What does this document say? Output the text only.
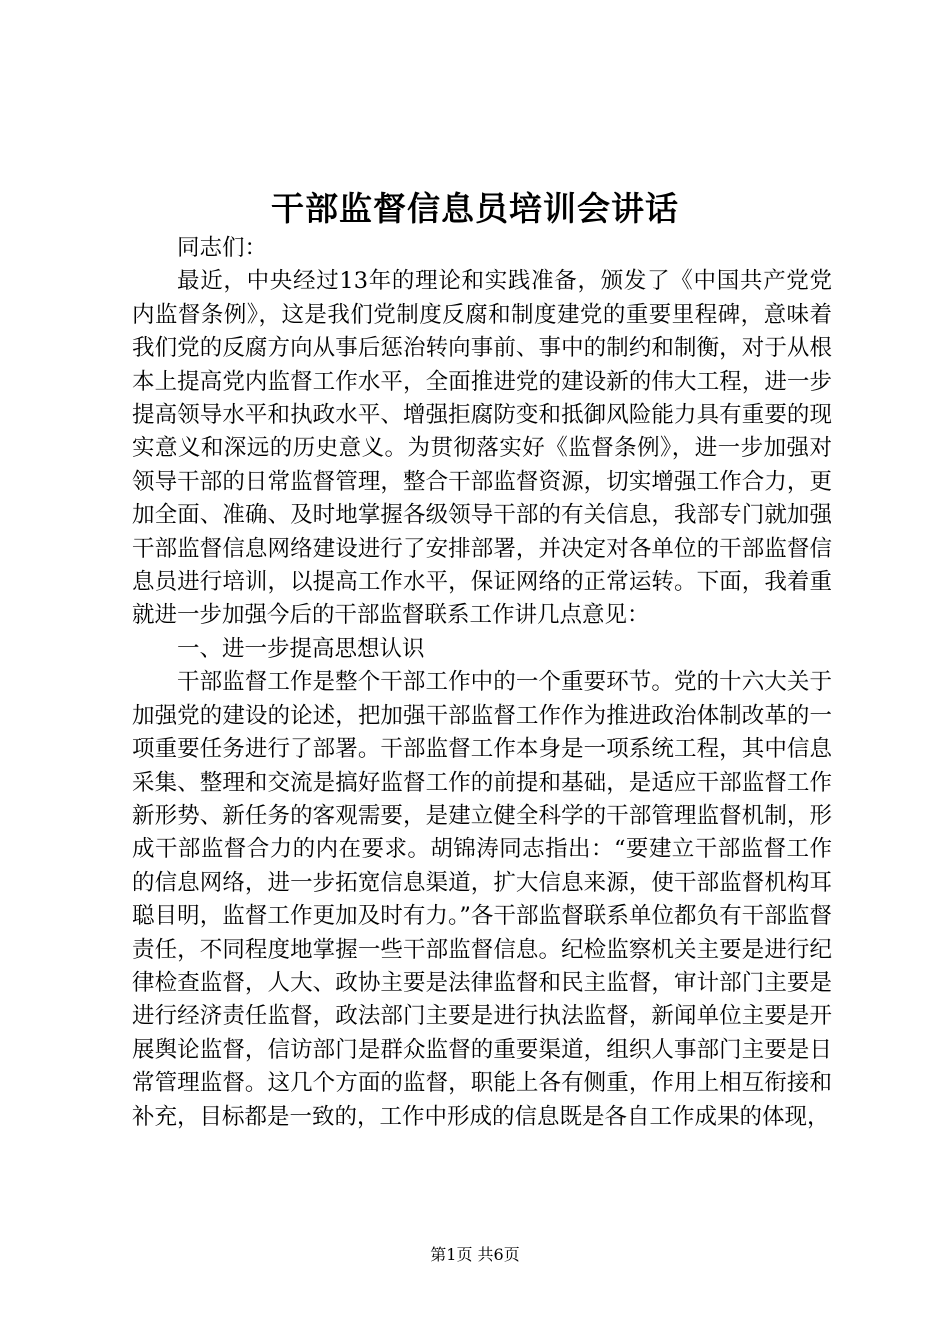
干部监督信息员培训会讲话

同志们：

最近，中央经过13年的理论和实践准备，颁发了《中国共产党党内监督条例》，这是我们党制度反腐和制度建党的重要里程碑，意味着我们党的反腐方向从事后惩治转向事前、事中的制约和制衡，对于从根本上提高党内监督工作水平，全面推进党的建设新的伟大工程，进一步提高领导水平和执政水平、增强拒腐防变和抵御风险能力具有重要的现实意义和深远的历史意义。为贯彻落实好《监督条例》，进一步加强对领导干部的日常监督管理，整合干部监督资源，切实增强工作合力，更加全面、准确、及时地掌握各级领导干部的有关信息，我部专门就加强干部监督信息网络建设进行了安排部署，并决定对各单位的干部监督信息员进行培训，以提高工作水平，保证网络的正常运转。下面，我着重就进一步加强今后的干部监督联系工作讲几点意见：

一、进一步提高思想认识

干部监督工作是整个干部工作中的一个重要环节。党的十六大关于加强党的建设的论述，把加强干部监督工作作为推进政治体制改革的一项重要任务进行了部署。干部监督工作本身是一项系统工程，其中信息采集、整理和交流是搞好监督工作的前提和基础，是适应干部监督工作新形势、新任务的客观需要，是建立健全科学的干部管理监督机制，形成干部监督合力的内在要求。胡锦涛同志指出：“要建立干部监督工作的信息网络，进一步拓宽信息渠道，扩大信息来源，使干部监督机构耳聪目明，监督工作更加及时有力。”各干部监督联系单位都负有干部监督责任，不同程度地掌握一些干部监督信息。纪检监察机关主要是进行纪律检查监督，人大、政协主要是法律监督和民主监督，审计部门主要是进行经济责任监督，政法部门主要是进行执法监督，新闻单位主要是开展舆论监督，信访部门是群众监督的重要渠道，组织人事部门主要是日常管理监督。这几个方面的监督，职能上各有侧重，作用上相互衔接和补充，目标都是一致的，工作中形成的信息既是各自工作成果的体现，

第1页 共6页
